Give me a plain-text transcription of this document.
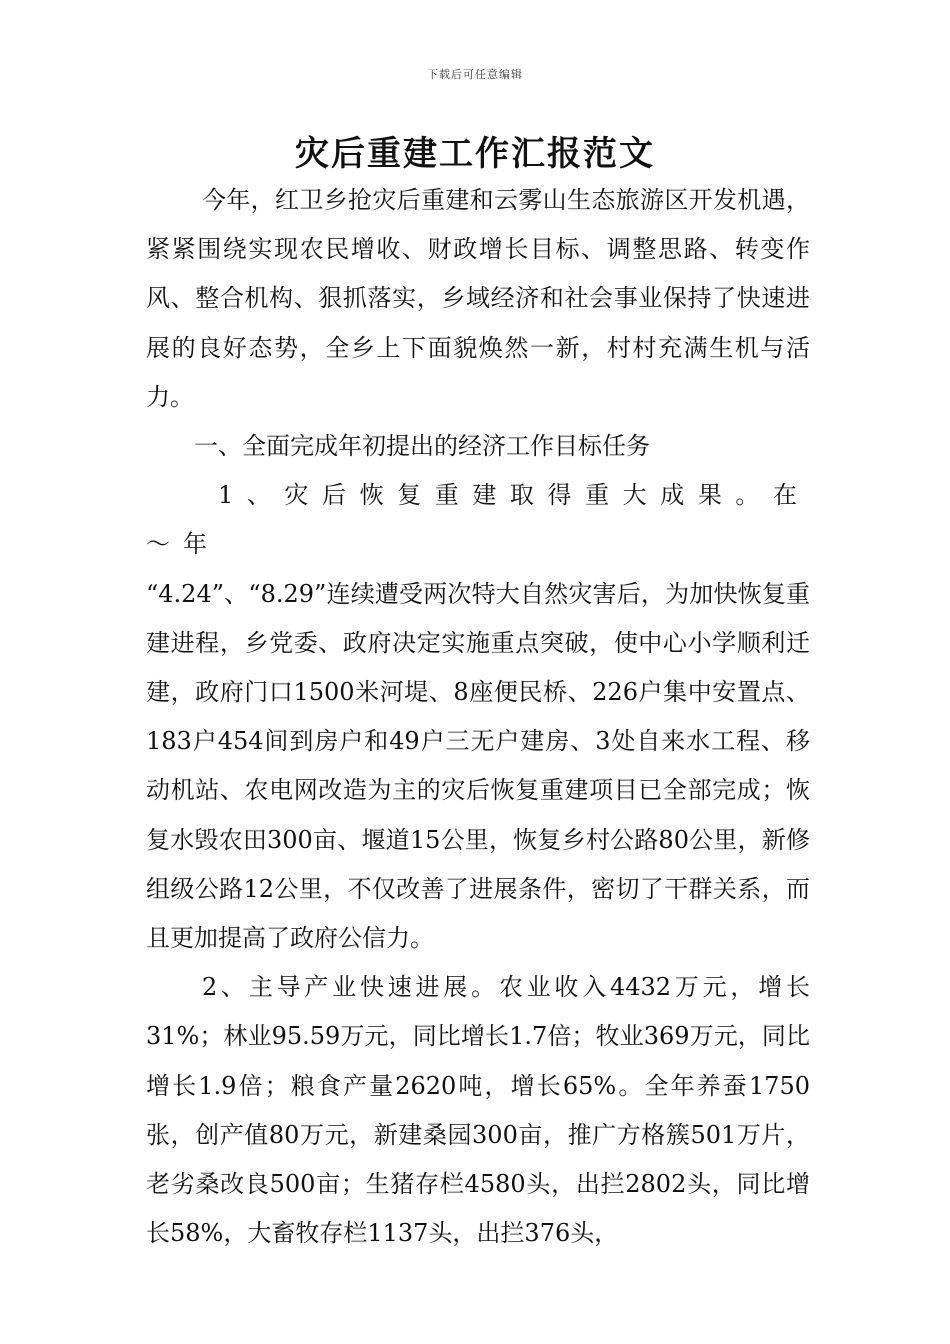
下载后可任意编辑
灾后重建工作汇报范文

今年，红卫乡抢灾后重建和云雾山生态旅游区开发机遇，紧紧围绕实现农民增收、财政增长目标、调整思路、转变作风、整合机构、狠抓落实，乡域经济和社会事业保持了快速进展的良好态势，全乡上下面貌焕然一新，村村充满生机与活力。

一、全面完成年初提出的经济工作目标任务

1、灾后恢复重建取得重大成果。在～年

“4.24”、“8.29”连续遭受两次特大自然灾害后，为加快恢复重建进程，乡党委、政府决定实施重点突破，使中心小学顺利迁建，政府门口1500米河堤、8座便民桥、226户集中安置点、183户454间到房户和49户三无户建房、3处自来水工程、移动机站、农电网改造为主的灾后恢复重建项目已全部完成；恢复水毁农田300亩、堰道15公里，恢复乡村公路80公里，新修组级公路12公里，不仅改善了进展条件，密切了干群关系，而且更加提高了政府公信力。

2、主导产业快速进展。农业收入4432万元，增长31%；林业95.59万元，同比增长1.7倍；牧业369万元，同比增长1.9倍；粮食产量2620吨，增长65%。全年养蚕1750张，创产值80万元，新建桑园300亩，推广方格簇501万片，老劣桑改良500亩；生猪存栏4580头，出拦2802头，同比增长58%，大畜牧存栏1137头，出拦376头，
